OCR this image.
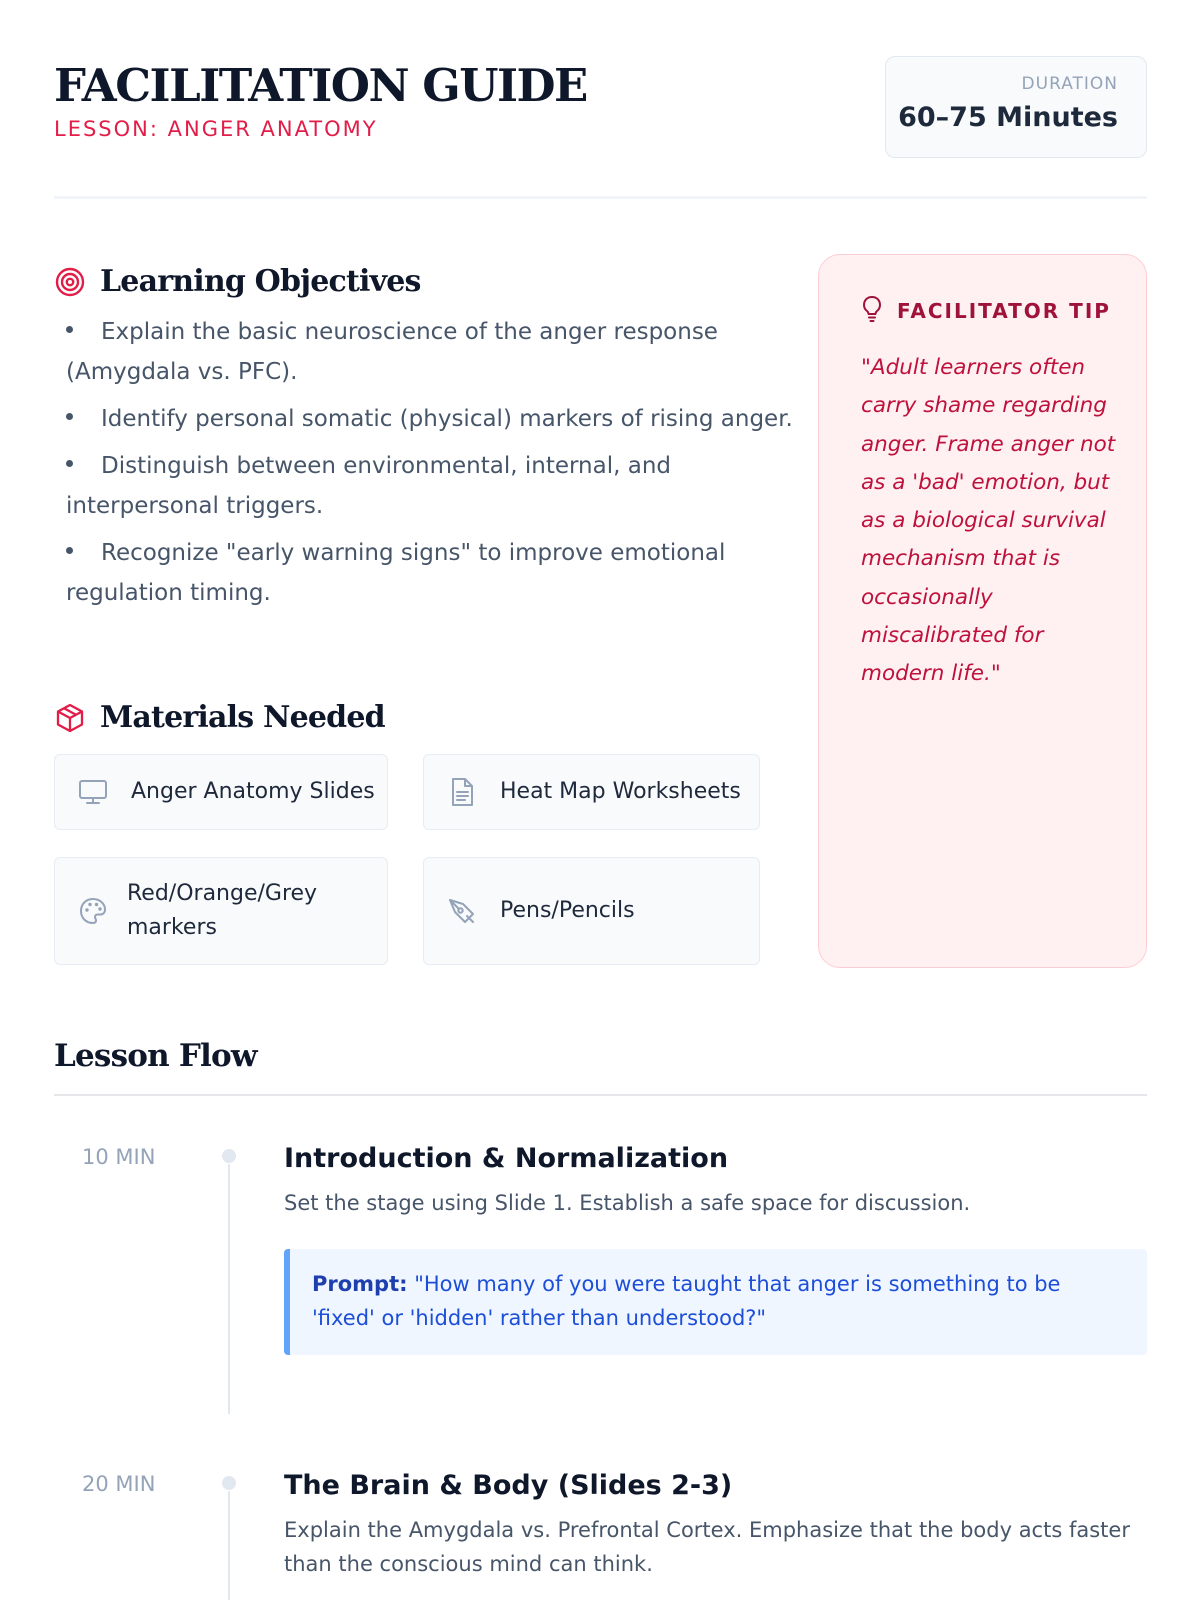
FACILITATION GUIDE
LESSON: ANGER ANATOMY
DURATION
60–75 Minutes
Learning Objectives
Explain the basic neuroscience of the anger response (Amygdala vs. PFC).
Identify personal somatic (physical) markers of rising anger.
Distinguish between environmental, internal, and interpersonal triggers.
Recognize "early warning signs" to improve emotional regulation timing.
Materials Needed
Anger Anatomy Slides	Heat Map Worksheets
Red/Orange/Grey markers
Pens/Pencils
FACILITATOR TIP
"Adult learners often carry shame regarding anger. Frame anger not as a 'bad' emotion, but as a biological survival mechanism that is occasionally miscalibrated for modern life."
Lesson Flow
10 MIN	Introduction & Normalization
Set the stage using Slide 1. Establish a safe space for discussion.
Prompt: "How many of you were taught that anger is something to be 'fixed' or 'hidden' rather than understood?"
20 MIN	The Brain & Body (Slides 2-3)
Explain the Amygdala vs. Prefrontal Cortex. Emphasize that the body acts faster than the conscious mind can think.
